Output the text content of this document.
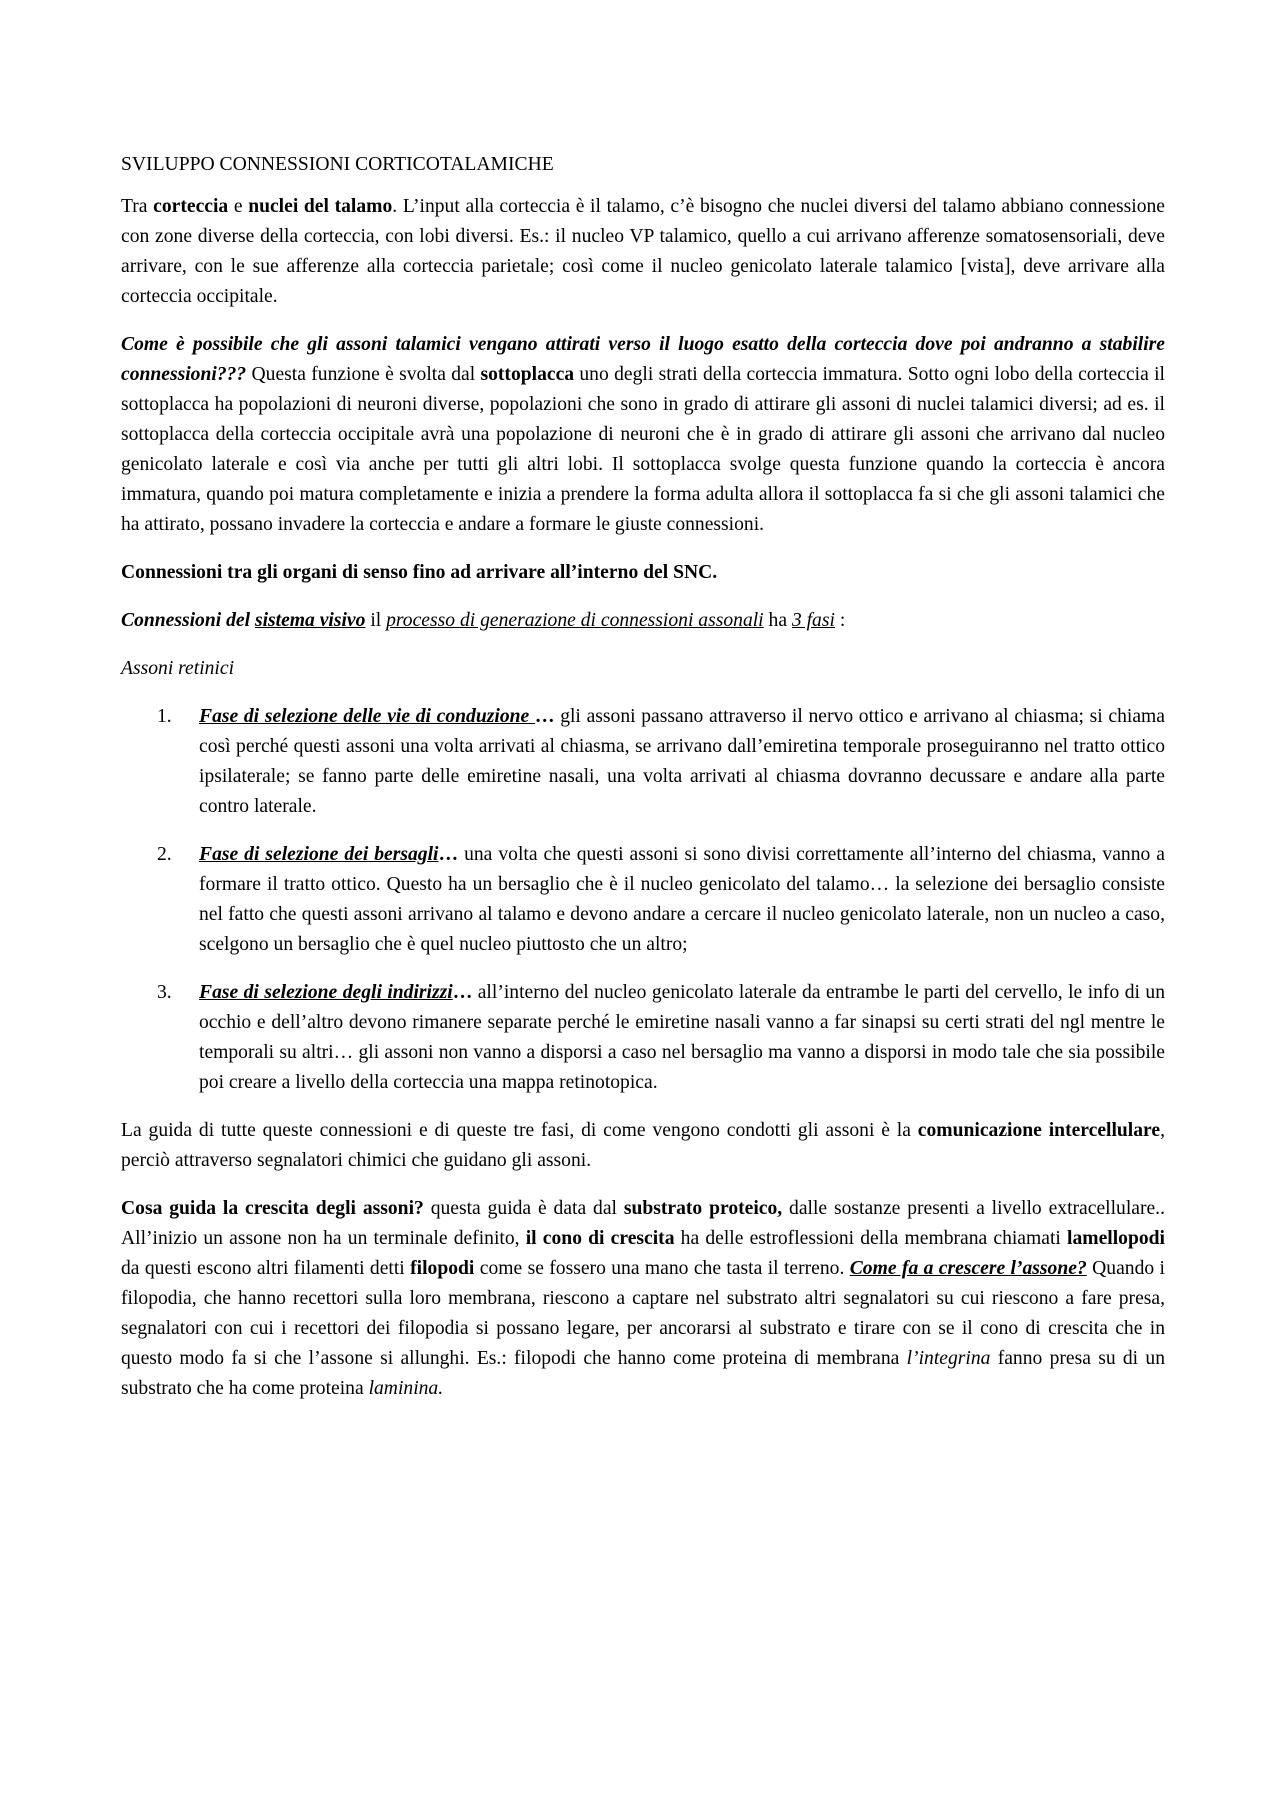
SVILUPPO CONNESSIONI CORTICOTALAMICHE

Tra corteccia e nuclei del talamo. L’input alla corteccia è il talamo, c’è bisogno che nuclei diversi del talamo abbiano connessione con zone diverse della corteccia, con lobi diversi. Es.: il nucleo VP talamico, quello a cui arrivano afferenze somatosensoriali, deve arrivare, con le sue afferenze alla corteccia parietale; così come il nucleo genicolato laterale talamico [vista], deve arrivare alla corteccia occipitale.

Come è possibile che gli assoni talamici vengano attirati verso il luogo esatto della corteccia dove poi andranno a stabilire connessioni??? Questa funzione è svolta dal sottoplacca uno degli strati della corteccia immatura. Sotto ogni lobo della corteccia il sottoplacca ha popolazioni di neuroni diverse, popolazioni che sono in grado di attirare gli assoni di nuclei talamici diversi; ad es. il sottoplacca della corteccia occipitale avrà una popolazione di neuroni che è in grado di attirare gli assoni che arrivano dal nucleo genicolato laterale e così via anche per tutti gli altri lobi. Il sottoplacca svolge questa funzione quando la corteccia è ancora immatura, quando poi matura completamente e inizia a prendere la forma adulta allora il sottoplacca fa si che gli assoni talamici che ha attirato, possano invadere la corteccia e andare a formare le giuste connessioni.

Connessioni tra gli organi di senso fino ad arrivare all’interno del SNC.

Connessioni del sistema visivo il processo di generazione di connessioni assonali ha 3 fasi :

Assoni retinici

1. Fase di selezione delle vie di conduzione … gli assoni passano attraverso il nervo ottico e arrivano al chiasma; si chiama così perché questi assoni una volta arrivati al chiasma, se arrivano dall’emiretina temporale proseguiranno nel tratto ottico ipsilaterale; se fanno parte delle emiretine nasali, una volta arrivati al chiasma dovranno decussare e andare alla parte contro laterale.
2. Fase di selezione dei bersagli… una volta che questi assoni si sono divisi correttamente all’interno del chiasma, vanno a formare il tratto ottico. Questo ha un bersaglio che è il nucleo genicolato del talamo… la selezione dei bersaglio consiste nel fatto che questi assoni arrivano al talamo e devono andare a cercare il nucleo genicolato laterale, non un nucleo a caso, scelgono un bersaglio che è quel nucleo piuttosto che un altro;
3. Fase di selezione degli indirizzi… all’interno del nucleo genicolato laterale da entrambe le parti del cervello, le info di un occhio e dell’altro devono rimanere separate perché le emiretine nasali vanno a far sinapsi su certi strati del ngl mentre le temporali su altri… gli assoni non vanno a disporsi a caso nel bersaglio ma vanno a disporsi in modo tale che sia possibile poi creare a livello della corteccia una mappa retinotopica.

La guida di tutte queste connessioni e di queste tre fasi, di come vengono condotti gli assoni è la comunicazione intercellulare, perciò attraverso segnalatori chimici che guidano gli assoni.

Cosa guida la crescita degli assoni? questa guida è data dal substrato proteico, dalle sostanze presenti a livello extracellulare.. All’inizio un assone non ha un terminale definito, il cono di crescita ha delle estroflessioni della membrana chiamati lamellopodi da questi escono altri filamenti detti filopodi come se fossero una mano che tasta il terreno. Come fa a crescere l’assone? Quando i filopodia, che hanno recettori sulla loro membrana, riescono a captare nel substrato altri segnalatori su cui riescono a fare presa, segnalatori con cui i recettori dei filopodia si possano legare, per ancorarsi al substrato e tirare con se il cono di crescita che in questo modo fa si che l’assone si allunghi. Es.: filopodi che hanno come proteina di membrana l’integrina fanno presa su di un substrato che ha come proteina laminina.
